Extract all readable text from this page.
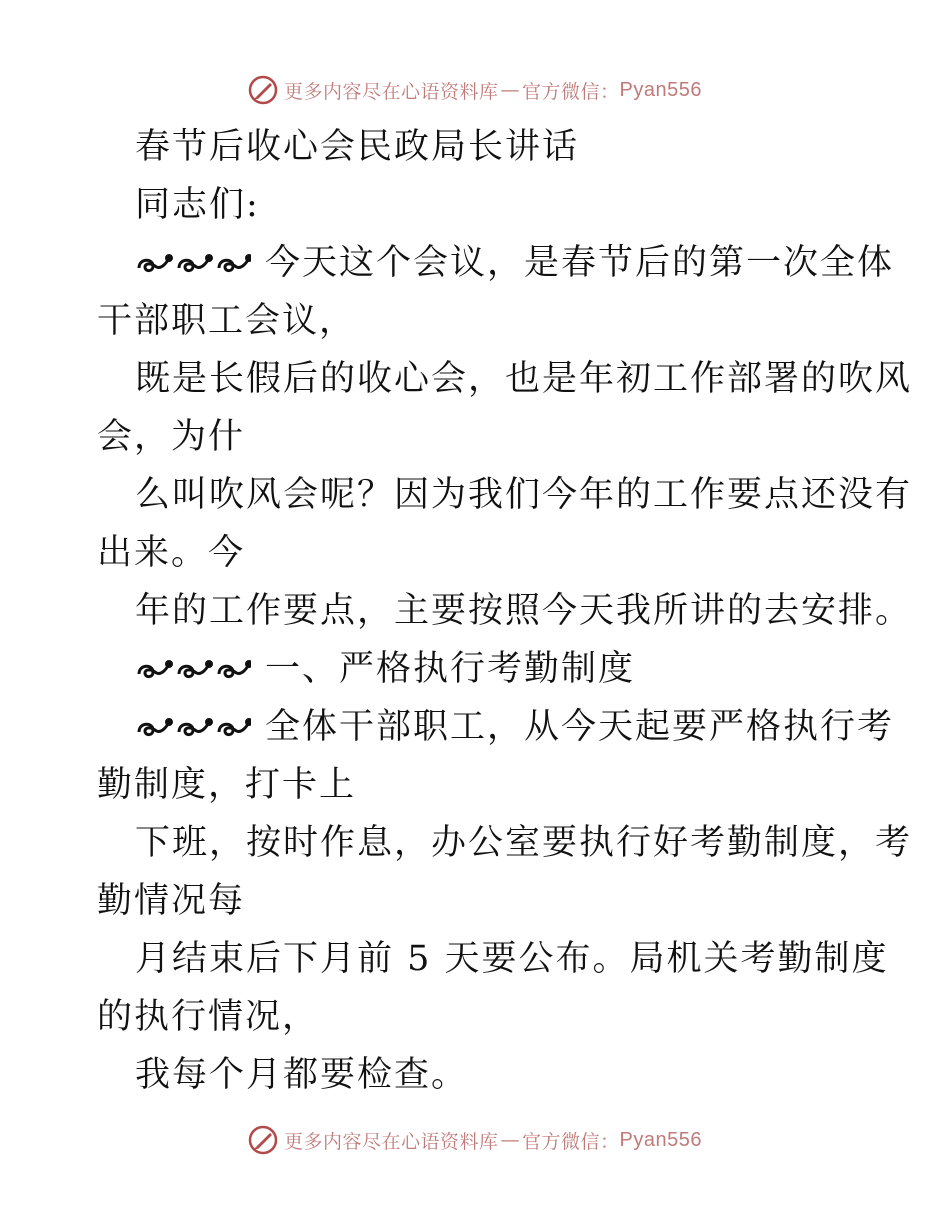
更多内容尽在心语资料库 — 官方微信： Pyan556

春节后收心会民政局长讲话

同志们:

今天这个会议，是春节后的第一次全体

干部职工会议，

既是长假后的收心会，也是年初工作部署的吹风

会，为什

么叫吹风会呢？因为我们今年的工作要点还没有

出来。今

年的工作要点，主要按照今天我所讲的去安排。

一、严格执行考勤制度

全体干部职工，从今天起要严格执行考

勤制度，打卡上

下班，按时作息，办公室要执行好考勤制度，考

勤情况每

月结束后下月前 5 天要公布。局机关考勤制度

的执行情况，

我每个月都要检查。

更多内容尽在心语资料库 — 官方微信： Pyan556
